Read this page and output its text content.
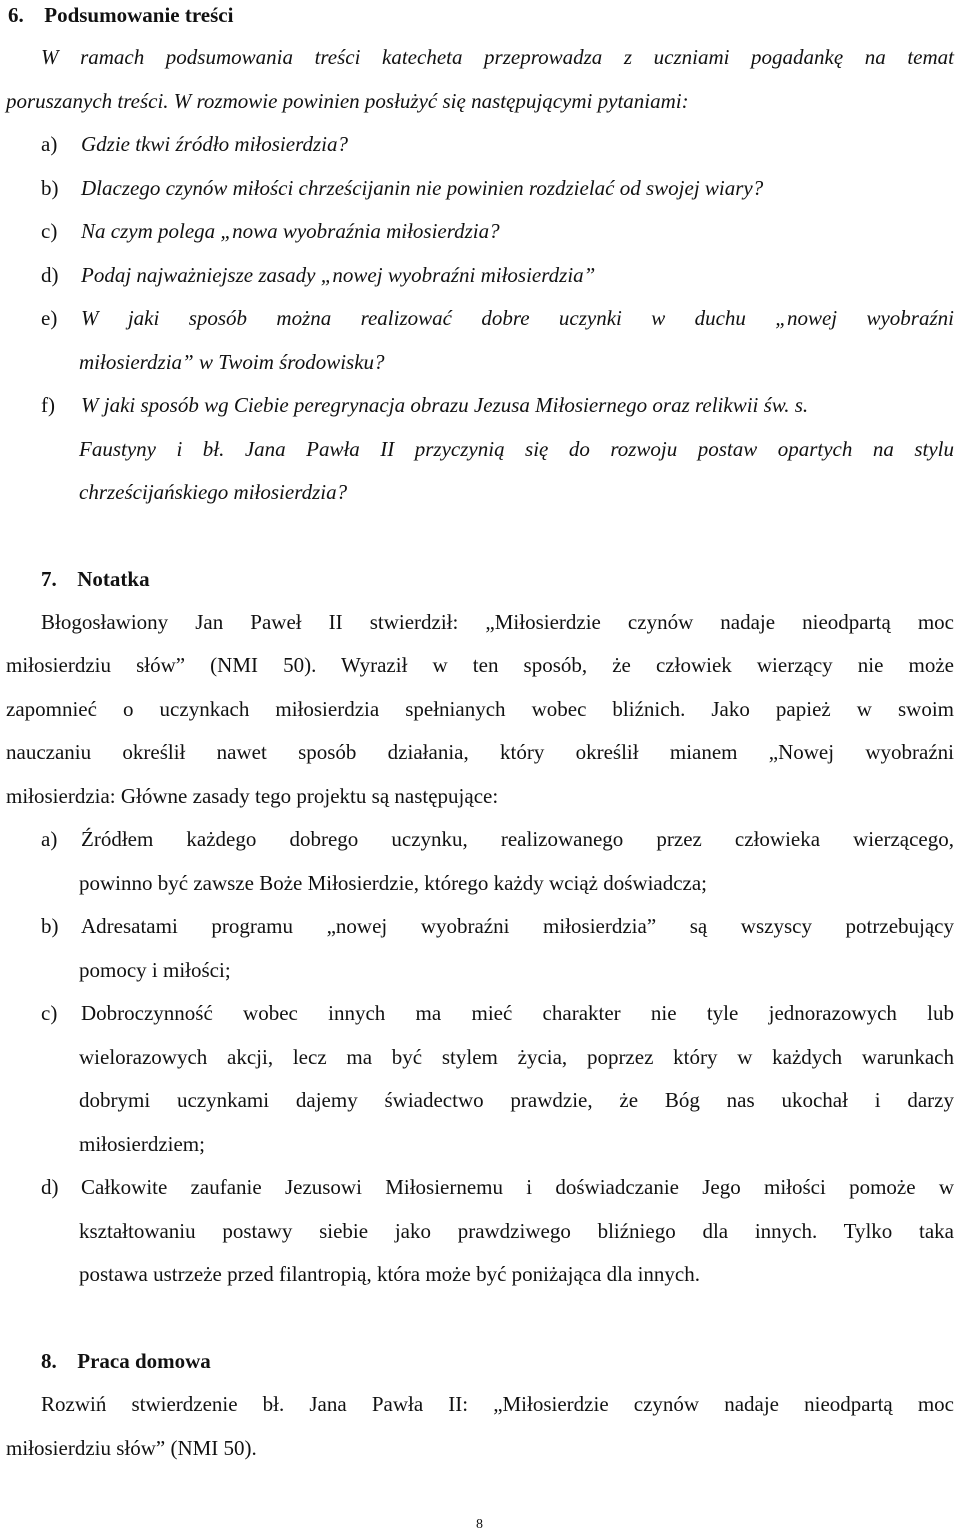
6. Podsumowanie treści
W ramach podsumowania treści katecheta przeprowadza z uczniami pogadankę na temat
poruszanych treści. W rozmowie powinien posłużyć się następującymi pytaniami:
a) Gdzie tkwi źródło miłosierdzia?
b) Dlaczego czynów miłości chrześcijanin nie powinien rozdzielać od swojej wiary?
c) Na czym polega „nowa wyobraźnia miłosierdzia?
d) Podaj najważniejsze zasady „nowej wyobraźni miłosierdzia”
e)	W jaki sposób można realizować dobre uczynki w duchu „nowej wyobraźni
miłosierdzia” w Twoim środowisku?
f) W jaki sposób wg Ciebie peregrynacja obrazu Jezusa Miłosiernego oraz relikwii św. s.
Faustyny i bł. Jana Pawła II przyczynią się do rozwoju postaw opartych na stylu
chrześcijańskiego miłosierdzia?
7. Notatka
Błogosławiony Jan Paweł II stwierdził: „Miłosierdzie czynów nadaje nieodpartą moc
miłosierdziu słów” (NMI 50). Wyraził w ten sposób, że człowiek wierzący nie może
zapomnieć o uczynkach miłosierdzia spełnianych wobec bliźnich. Jako papież w swoim
nauczaniu określił nawet sposób działania, który określił mianem „Nowej wyobraźni
miłosierdzia: Główne zasady tego projektu są następujące:
a)	Źródłem każdego dobrego uczynku, realizowanego przez człowieka wierzącego,
powinno być zawsze Boże Miłosierdzie, którego każdy wciąż doświadcza;
b)	Adresatami programu „nowej wyobraźni miłosierdzia” są wszyscy potrzebujący
pomocy i miłości;
c)	Dobroczynność wobec innych ma mieć charakter nie tyle jednorazowych lub
wielorazowych akcji, lecz ma być stylem życia, poprzez który w każdych warunkach
dobrymi uczynkami dajemy świadectwo prawdzie, że Bóg nas ukochał i darzy
miłosierdziem;
d)	Całkowite zaufanie Jezusowi Miłosiernemu i doświadczanie Jego miłości pomoże w
kształtowaniu postawy siebie jako prawdziwego bliźniego dla innych. Tylko taka
postawa ustrzeże przed filantropią, która może być poniżająca dla innych.
8. Praca domowa
Rozwiń stwierdzenie bł. Jana Pawła II: „Miłosierdzie czynów nadaje nieodpartą moc
miłosierdziu słów” (NMI 50).
8
